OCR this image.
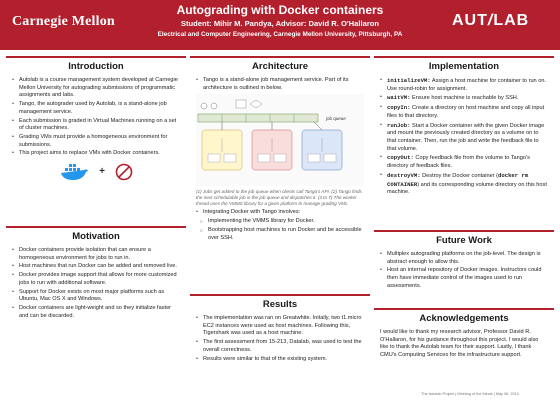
Carnegie Mellon
Autograding with Docker containers
Student: Mihir M. Pandya, Advisor: David R. O'Hallaron
Electrical and Computer Engineering, Carnegie Mellon University, Pittsburgh, PA
AUT/LAB
Introduction
• Autolab is a course management system developed at Carnegie Mellon University for autograding submissions of programmatic assignments and labs.
• Tango, the autograder used by Autolab, is a stand-alone job management service.
• Each submission is graded in Virtual Machines running on a set of cluster machines.
• Grading VMs must provide a homogeneous environment for submissions.
• This project aims to replace VMs with Docker containers.
+
Motivation
• Docker containers provide isolation that can ensure a homogeneous environment for jobs to run in.
• Host machines that run Docker can be added and removed live.
• Docker provides image support that allows for more customized jobs to run with additional software.
• Support for Docker exists on most major platforms such as Ubuntu, Mac OS X and Windows.
• Docker containers are light-weight and so they initialize faster and can be discarded.
Architecture
• Tango is a stand-alone job management service. Part of its architecture is outlined in below.
job queue
(1) Jobs get added to the job queue when clients call Tango's API. (2) Tango finds the next schedulable job in the job queue and dispatches it. (3 to 7) The worker thread uses the VMMS library for a given platform to manage grading VMs.
• Integrating Docker with Tango involves:
○ Implementing the VMMS library for Docker.
○ Bootstrapping host machines to run Docker and be accessible over SSH.
Results
• The implementation was ran on Greatwhite. Initally, two t1.micro EC2 instances were used as host machines. Following this, Tigershark was used as a host machine.
• The first assessment from 15-213, Datalab, was used to test the overall correctness.
• Results were similar to that of the existing system.
Implementation
• initializeVM: Assign a host machine for container to run on. Use round-robin for assignment.
• waitVM: Ensure host machine is reachable by SSH.
• copyIn: Create a directory on host machine and copy all input files to that directory.
• runJob: Start a Docker container with the given Docker image and mount the previously created directory as a volume on to that container. Then, run the job and write the feedback file to that volume.
• copyOut: Copy feedback file from the volume to Tango's directory of feedback files.
• destroyVM: Destroy the Docker container (docker rm CONTAINER) and its corresponding volume directory on this host machine.
Future Work
• Multiplex autograding platforms on the job-level. The design is abstract enough to allow this.
• Host an internal repository of Docker images. Instructors could then have immediate control of the images used to run assessments.
Acknowledgements
I would like to thank my research advisor, Professor David R. O'Hallaron, for his guidance throughout this project. I would also like to thank the Autolab team for their support. Lastly, I thank CMU's Computing Services for the infrastructure support.
The Autolab Project | Meeting of the Minds | May 06, 2015
